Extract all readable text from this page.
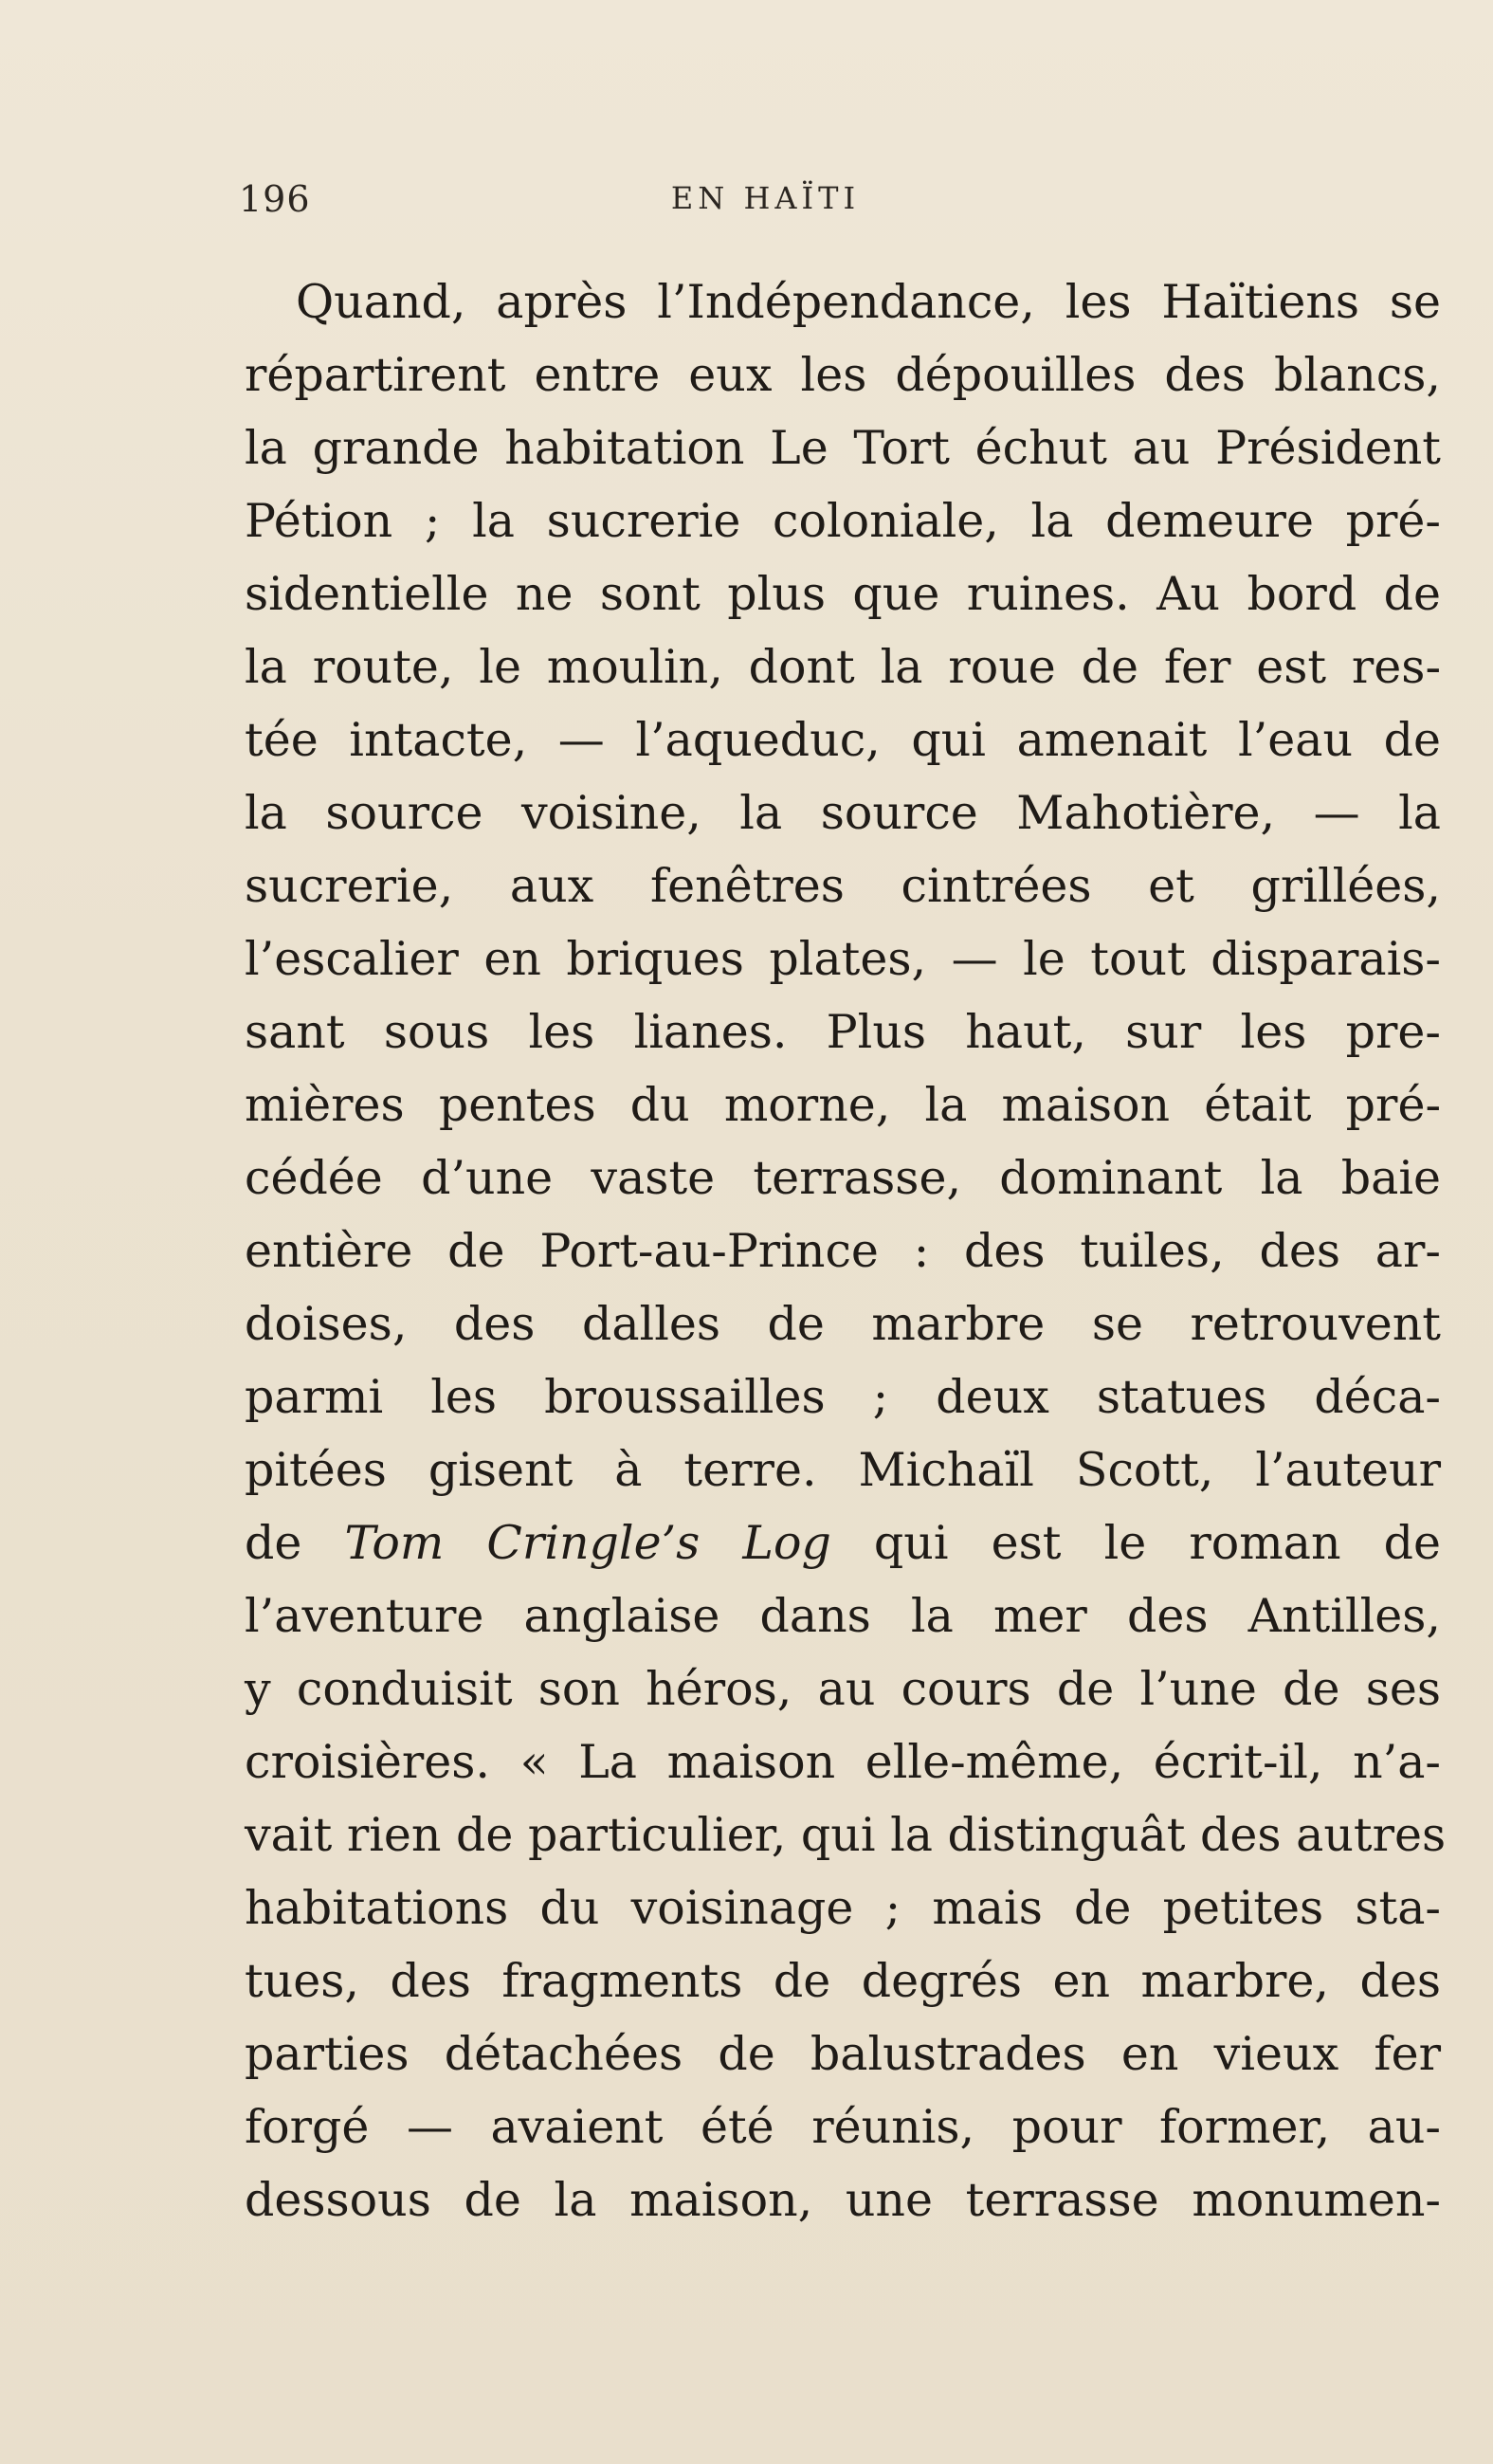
196	EN HAÏTI
Quand, après l’Indépendance, les Haïtiens se
répartirent entre eux les dépouilles des blancs,
la grande habitation Le Tort échut au Président
Pétion ; la sucrerie coloniale, la demeure pré-
sidentielle ne sont plus que ruines. Au bord de
la route, le moulin, dont la roue de fer est res-
tée intacte, — l’aqueduc, qui amenait l’eau de
la source voisine, la source Mahotière, — la
sucrerie, aux fenêtres cintrées et grillées,
l’escalier en briques plates, — le tout disparais-
sant sous les lianes. Plus haut, sur les pre-
mières pentes du morne, la maison était pré-
cédée d’une vaste terrasse, dominant la baie
entière de Port-au-Prince : des tuiles, des ar-
doises, des dalles de marbre se retrouvent
parmi les broussailles ; deux statues déca-
pitées gisent à terre. Michaïl Scott, l’auteur
de Tom Cringle’s Log qui est le roman de
l’aventure anglaise dans la mer des Antilles,
y conduisit son héros, au cours de l’une de ses
croisières. « La maison elle-même, écrit-il, n’a-
vait rien de particulier, qui la distinguât des autres
habitations du voisinage ; mais de petites sta-
tues, des fragments de degrés en marbre, des
parties détachées de balustrades en vieux fer
forgé — avaient été réunis, pour former, au-
dessous de la maison, une terrasse monumen-
